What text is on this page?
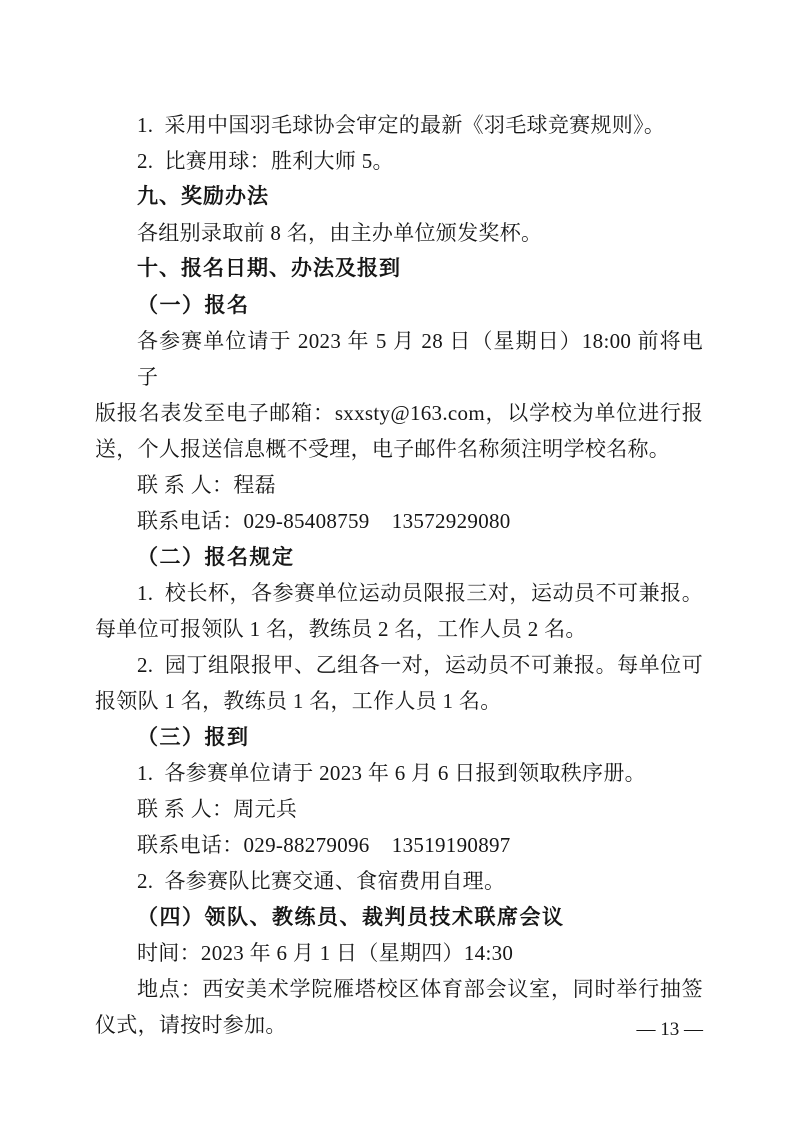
1.  采用中国羽毛球协会审定的最新《羽毛球竞赛规则》。
2.  比赛用球：胜利大师 5。
九、奖励办法
各组别录取前 8 名，由主办单位颁发奖杯。
十、报名日期、办法及报到
（一）报名
各参赛单位请于 2023 年 5 月 28 日（星期日）18:00 前将电子
版报名表发至电子邮箱：sxxsty@163.com，以学校为单位进行报
送，个人报送信息概不受理，电子邮件名称须注明学校名称。
联 系 人：程磊
联系电话：029-85408759    13572929080
（二）报名规定
1.  校长杯，各参赛单位运动员限报三对，运动员不可兼报。
每单位可报领队 1 名，教练员 2 名，工作人员 2 名。
2.  园丁组限报甲、乙组各一对，运动员不可兼报。每单位可
报领队 1 名，教练员 1 名，工作人员 1 名。
（三）报到
1.  各参赛单位请于 2023 年 6 月 6 日报到领取秩序册。
联 系 人：周元兵
联系电话：029-88279096    13519190897
2.  各参赛队比赛交通、食宿费用自理。
（四）领队、教练员、裁判员技术联席会议
时间：2023 年 6 月 1 日（星期四）14:30
地点：西安美术学院雁塔校区体育部会议室，同时举行抽签
仪式，请按时参加。	— 13 —
